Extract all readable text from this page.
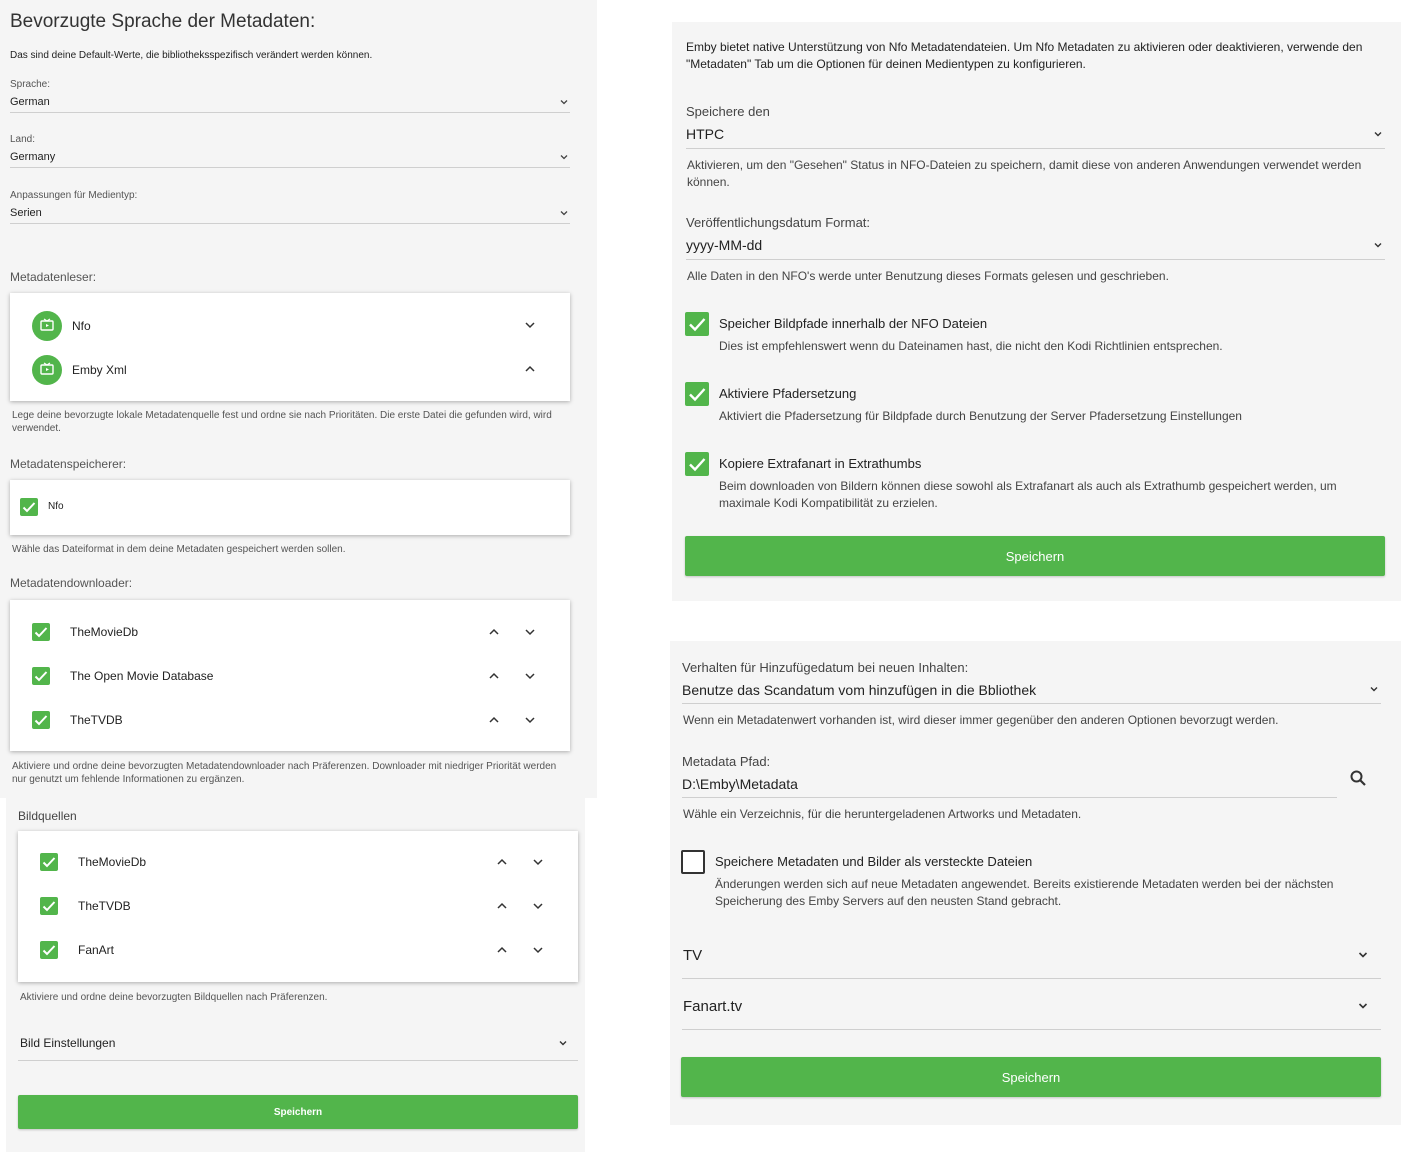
Bevorzugte Sprache der Metadaten:
Das sind deine Default-Werte, die bibliotheksspezifisch verändert werden können.
Sprache:
German
Land:
Germany
Anpassungen für Medientyp:
Serien
Metadatenleser:
Nfo
Emby Xml
Lege deine bevorzugte lokale Metadatenquelle fest und ordne sie nach Prioritäten. Die erste Datei die gefunden wird, wird verwendet.
Metadatenspeicherer:
Nfo
Wähle das Dateiformat in dem deine Metadaten gespeichert werden sollen.
Metadatendownloader:
TheMovieDb
The Open Movie Database
TheTVDB
Aktiviere und ordne deine bevorzugten Metadatendownloader nach Präferenzen. Downloader mit niedriger Priorität werden nur genutzt um fehlende Informationen zu ergänzen.
Bildquellen
TheMovieDb
TheTVDB
FanArt
Aktiviere und ordne deine bevorzugten Bildquellen nach Präferenzen.
Bild Einstellungen
Speichern
Emby bietet native Unterstützung von Nfo Metadatendateien. Um Nfo Metadaten zu aktivieren oder deaktivieren, verwende den "Metadaten" Tab um die Optionen für deinen Medientypen zu konfigurieren.
Speichere den
HTPC
Aktivieren, um den "Gesehen" Status in NFO-Dateien zu speichern, damit diese von anderen Anwendungen verwendet werden können.
Veröffentlichungsdatum Format:
yyyy-MM-dd
Alle Daten in den NFO's werde unter Benutzung dieses Formats gelesen und geschrieben.
Speicher Bildpfade innerhalb der NFO Dateien
Dies ist empfehlenswert wenn du Dateinamen hast, die nicht den Kodi Richtlinien entsprechen.
Aktiviere Pfadersetzung
Aktiviert die Pfadersetzung für Bildpfade durch Benutzung der Server Pfadersetzung Einstellungen
Kopiere Extrafanart in Extrathumbs
Beim downloaden von Bildern können diese sowohl als Extrafanart als auch als Extrathumb gespeichert werden, um maximale Kodi Kompatibilität zu erzielen.
Speichern
Verhalten für Hinzufügedatum bei neuen Inhalten:
Benutze das Scandatum vom hinzufügen in die Bbliothek
Wenn ein Metadatenwert vorhanden ist, wird dieser immer gegenüber den anderen Optionen bevorzugt werden.
Metadata Pfad:
D:\Emby\Metadata
Wähle ein Verzeichnis, für die heruntergeladenen Artworks und Metadaten.
Speichere Metadaten und Bilder als versteckte Dateien
Änderungen werden sich auf neue Metadaten angewendet. Bereits existierende Metadaten werden bei der nächsten Speicherung des Emby Servers auf den neusten Stand gebracht.
TV
Fanart.tv
Speichern
